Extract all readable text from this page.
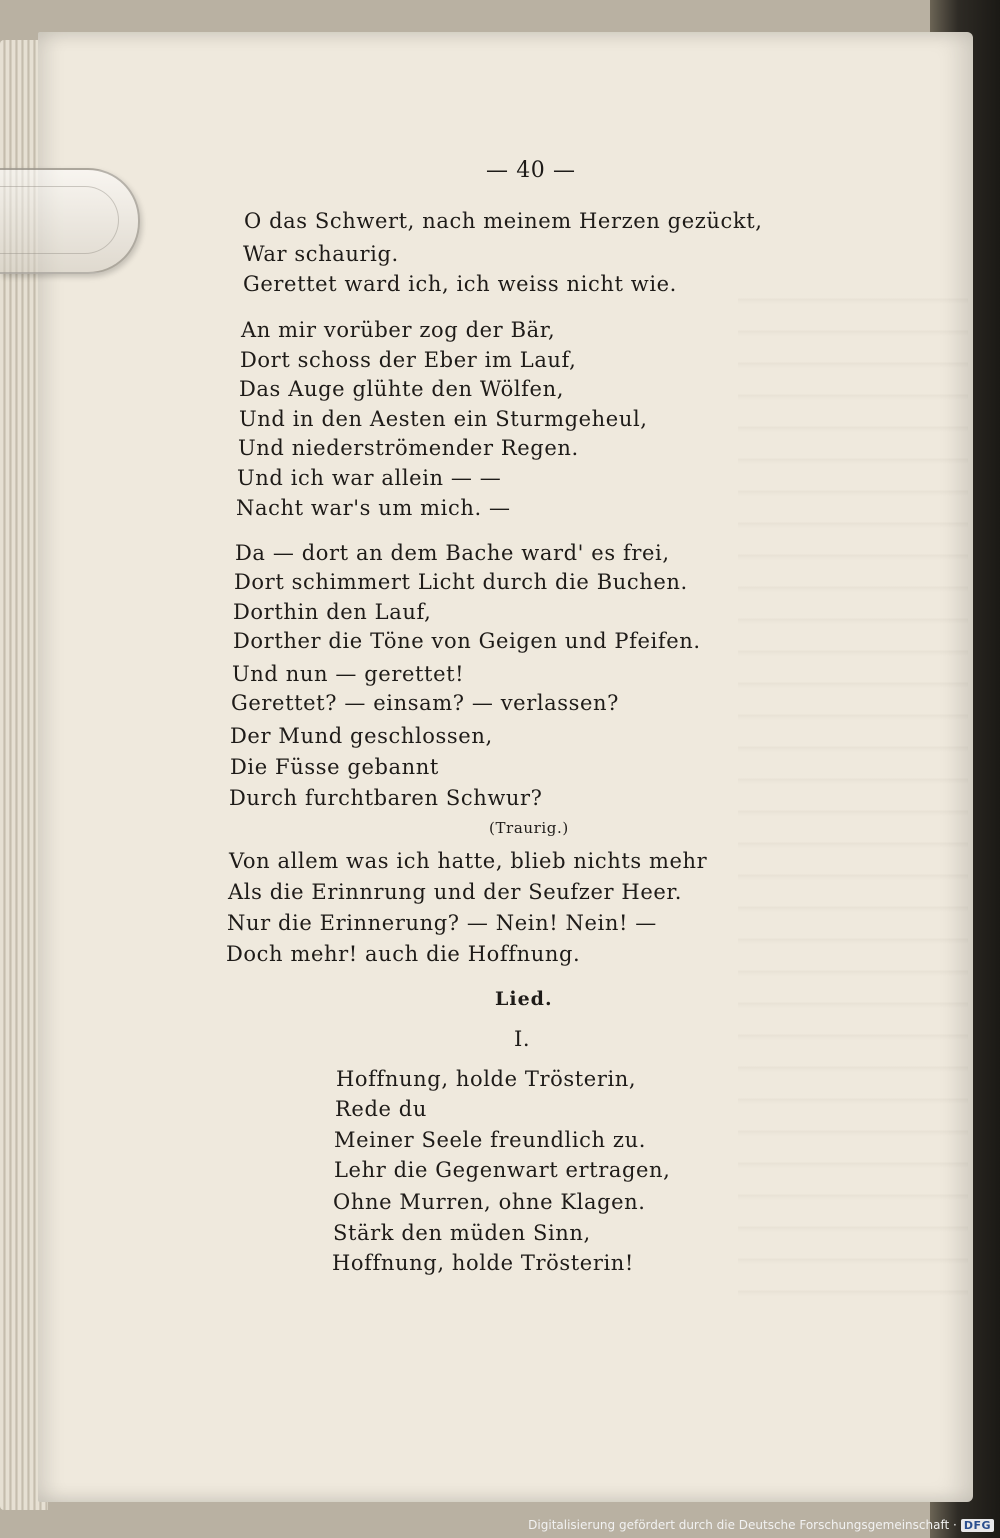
— 40 —
O das Schwert, nach meinem Herzen gezückt,
War schaurig.
Gerettet ward ich, ich weiss nicht wie.
An mir vorüber zog der Bär,
Dort schoss der Eber im Lauf,
Das Auge glühte den Wölfen,
Und in den Aesten ein Sturmgeheul,
Und niederströmender Regen.
Und ich war allein — —
Nacht war's um mich. —
Da — dort an dem Bache ward' es frei,
Dort schimmert Licht durch die Buchen.
Dorthin den Lauf,
Dorther die Töne von Geigen und Pfeifen.
Und nun — gerettet!
Gerettet? — einsam? — verlassen?
Der Mund geschlossen,
Die Füsse gebannt
Durch furchtbaren Schwur?
(Traurig.)
Von allem was ich hatte, blieb nichts mehr
Als die Erinnrung und der Seufzer Heer.
Nur die Erinnerung? — Nein! Nein! —
Doch mehr! auch die Hoffnung.
Lied.
I.
Hoffnung, holde Trösterin,
Rede du
Meiner Seele freundlich zu.
Lehr die Gegenwart ertragen,
Ohne Murren, ohne Klagen.
Stärk den müden Sinn,
Hoffnung, holde Trösterin!
Digitalisierung gefördert durch die Deutsche Forschungsgemeinschaft · DFG
